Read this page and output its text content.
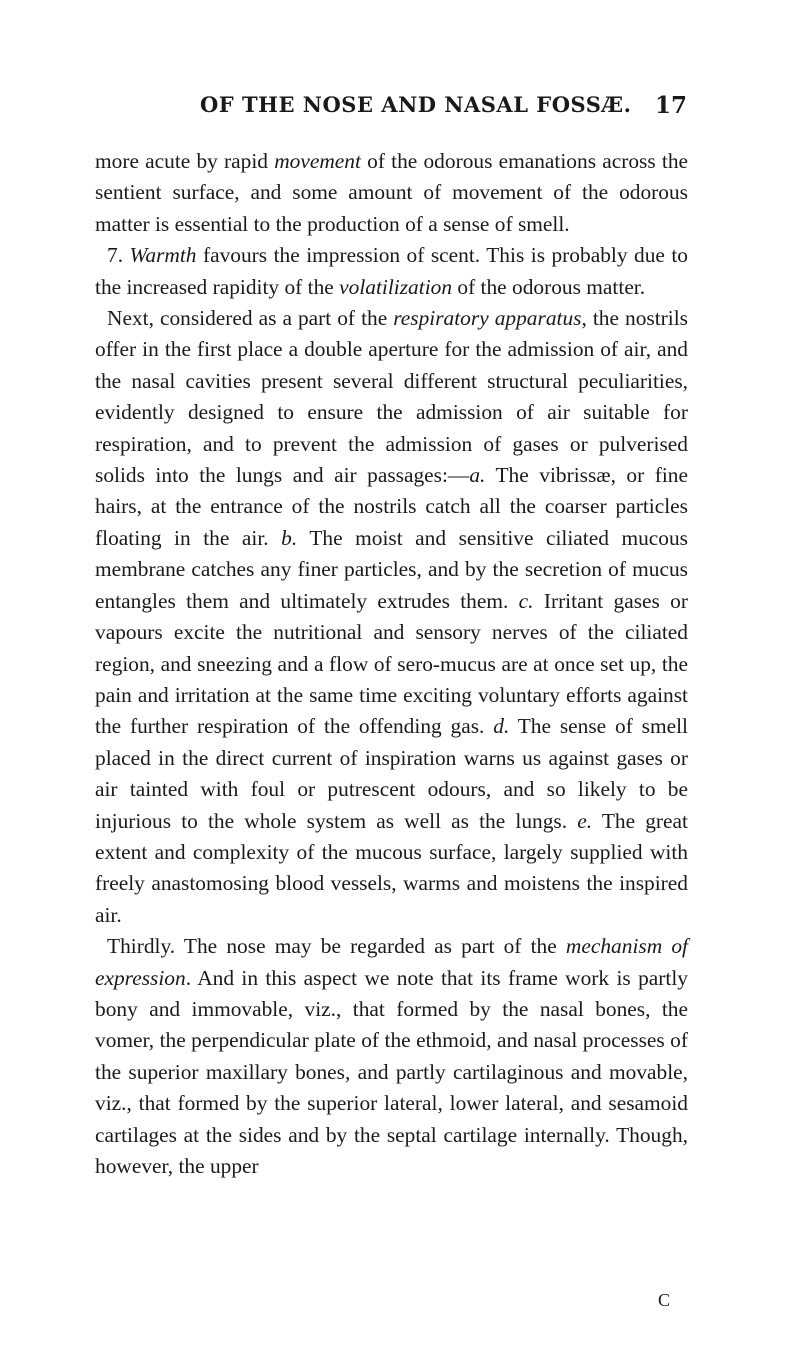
OF THE NOSE AND NASAL FOSSÆ. 17

more acute by rapid movement of the odorous emanations across the sentient surface, and some amount of movement of the odorous matter is essential to the production of a sense of smell.

7. Warmth favours the impression of scent. This is probably due to the increased rapidity of the volatilization of the odorous matter.

Next, considered as a part of the respiratory apparatus, the nostrils offer in the first place a double aperture for the admission of air, and the nasal cavities present several different structural peculiarities, evidently designed to ensure the admission of air suitable for respiration, and to prevent the admission of gases or pulverised solids into the lungs and air passages:—a. The vibrissæ, or fine hairs, at the entrance of the nostrils catch all the coarser particles floating in the air. b. The moist and sensitive ciliated mucous membrane catches any finer particles, and by the secretion of mucus entangles them and ultimately extrudes them. c. Irritant gases or vapours excite the nutritional and sensory nerves of the ciliated region, and sneezing and a flow of sero-mucus are at once set up, the pain and irritation at the same time exciting voluntary efforts against the further respiration of the offending gas. d. The sense of smell placed in the direct current of inspiration warns us against gases or air tainted with foul or putrescent odours, and so likely to be injurious to the whole system as well as the lungs. e. The great extent and complexity of the mucous surface, largely supplied with freely anastomosing blood vessels, warms and moistens the inspired air.

Thirdly. The nose may be regarded as part of the mechanism of expression. And in this aspect we note that its frame work is partly bony and immovable, viz., that formed by the nasal bones, the vomer, the perpendicular plate of the ethmoid, and nasal processes of the superior maxillary bones, and partly cartilaginous and movable, viz., that formed by the superior lateral, lower lateral, and sesamoid cartilages at the sides and by the septal cartilage internally. Though, however, the upper

C
